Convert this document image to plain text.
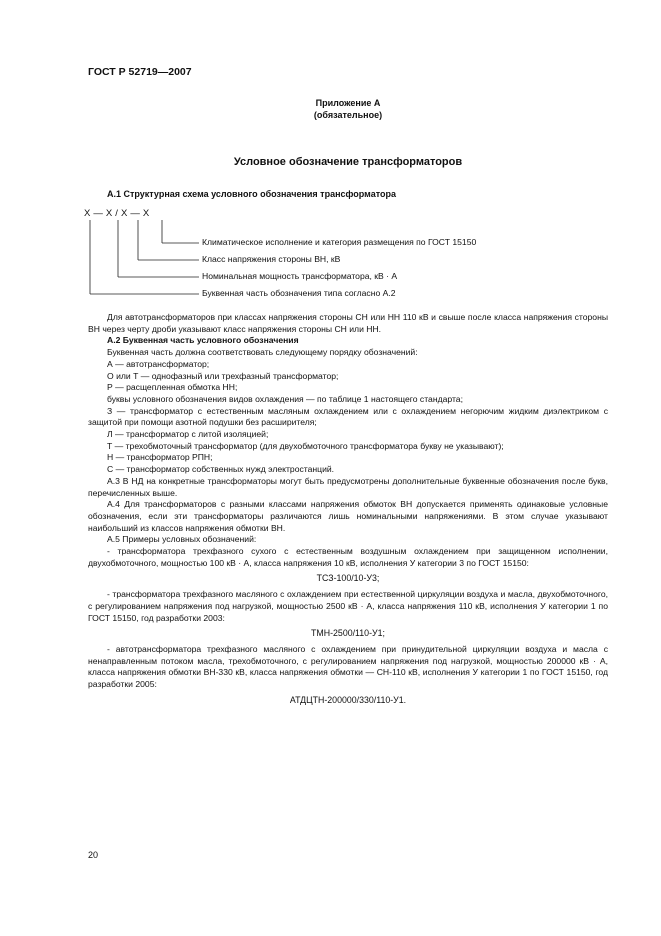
ГОСТ Р 52719—2007
Приложение А
(обязательное)
Условное обозначение трансформаторов
А.1 Структурная схема условного обозначения трансформатора
Х — Х / Х — Х
Климатическое исполнение и категория размещения по ГОСТ 15150
Класс напряжения стороны ВН, кВ
Номинальная мощность трансформатора, кВ · А
Буквенная часть обозначения типа согласно А.2

Для автотрансформаторов при классах напряжения стороны СН или НН 110 кВ и свыше после класса напряжения стороны ВН через черту дроби указывают класс напряжения стороны СН или НН.

А.2 Буквенная часть условного обозначения

Буквенная часть должна соответствовать следующему порядку обозначений:

А — автотрансформатор;

О или Т — однофазный или трехфазный трансформатор;

Р — расщепленная обмотка НН;

буквы условного обозначения видов охлаждения — по таблице 1 настоящего стандарта;

З — трансформатор с естественным масляным охлаждением или с охлаждением негорючим жидким диэлектриком с защитой при помощи азотной подушки без расширителя;

Л — трансформатор с литой изоляцией;

Т — трехобмоточный трансформатор (для двухобмоточного трансформатора букву не указывают);

Н — трансформатор РПН;

С — трансформатор собственных нужд электростанций.

А.3 В НД на конкретные трансформаторы могут быть предусмотрены дополнительные буквенные обозначения после букв, перечисленных выше.

А.4 Для трансформаторов с разными классами напряжения обмоток ВН допускается применять одинаковые условные обозначения, если эти трансформаторы различаются лишь номинальными напряжениями. В этом случае указывают наибольший из классов напряжения обмотки ВН.

А.5 Примеры условных обозначений:

- трансформатора трехфазного сухого с естественным воздушным охлаждением при защищенном исполнении, двухобмоточного, мощностью 100 кВ · А, класса напряжения 10 кВ, исполнения У категории 3 по ГОСТ 15150:

ТСЗ-100/10-У3;

- трансформатора трехфазного масляного с охлаждением при естественной циркуляции воздуха и масла, двухобмоточного, с регулированием напряжения под нагрузкой, мощностью 2500 кВ · А, класса напряжения 110 кВ, исполнения У категории 1 по ГОСТ 15150, год разработки 2003:

ТМН-2500/110-У1;

- автотрансформатора трехфазного масляного с охлаждением при принудительной циркуляции воздуха и масла с ненаправленным потоком масла, трехобмоточного, с регулированием напряжения под нагрузкой, мощностью 200000 кВ · А, класса напряжения обмотки ВН-330 кВ, класса напряжения обмотки — СН-110 кВ, исполнения У категории 1 по ГОСТ 15150, год разработки 2005:

АТДЦТН-200000/330/110-У1.

20
